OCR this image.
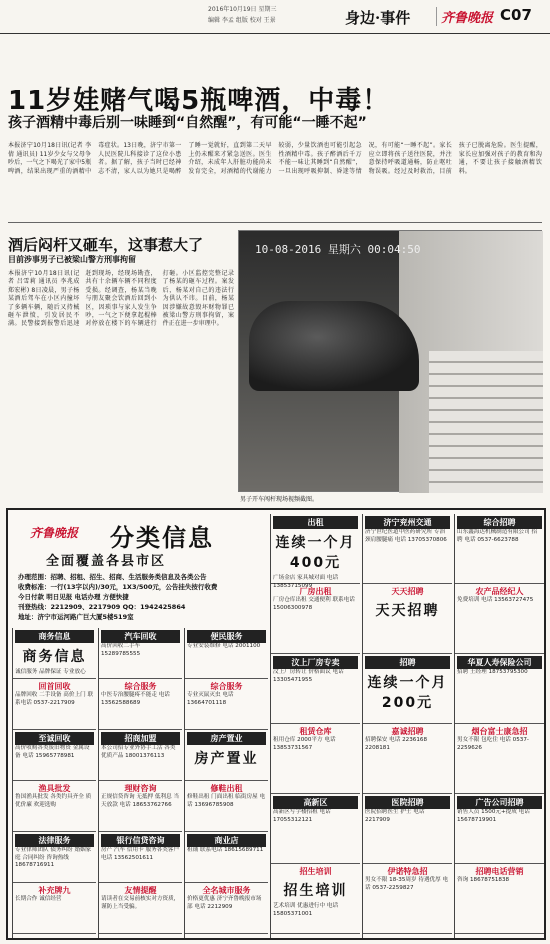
2016年10月19日 星期三
编辑 李孟 组版 校对 王景	身边·事件	齐鲁晚报 C07
11岁娃赌气喝5瓶啤酒，中毒！
孩子酒精中毒后别一味睡到“自然醒”，有可能“一睡不起”
本报济宁10月18日讯(记者 李倩 通讯员) 11岁少女与父母争吵后，一气之下喝光了家中5瓶啤酒，结果出现严重的酒精中毒症状。13日晚，济宁市第一人民医院儿科接诊了这位小患者。据了解，孩子当时已经神志不清，家人以为她只是喝醉了睡一觉就好，直到第二天早上仍未醒来才紧急送医。医生介绍，未成年人肝脏功能尚未发育完全，对酒精的代谢能力较弱，少量饮酒也可能引起急性酒精中毒。孩子醉酒后千万不能一味让其睡到“自然醒”，一旦出现呼吸抑制、昏迷等情况，有可能“一睡不起”。家长应立即将孩子送往医院，并注意保持呼吸道通畅，防止呕吐物误吸。经过及时救治，目前孩子已脱离危险。医生提醒，家长应加强对孩子的教育和沟通，不要让孩子接触酒精饮料。
酒后闷杆又砸车，这事惹大了
目前涉事男子已被梁山警方刑事拘留
本报济宁10月18日讯(记者 吕雪莉 通讯员 李兆成 郑宏彬) 8日凌晨，男子杨某酒后驾车在小区内撞坏了多辆车辆，随后又持械砸车泄愤，引发居民不满。民警接到报警后迅速赶到现场，经现场勘查，共有十余辆车辆不同程度受损。经调查，杨某当晚与朋友聚会饮酒后回到小区，因琐事与家人发生争吵，一气之下便拿起棍棒对停放在楼下的车辆进行打砸。小区监控完整记录了杨某的砸车过程。案发后，杨某对自己的违法行为供认不讳。目前，杨某因涉嫌故意毁坏财物罪已被梁山警方刑事拘留，案件正在进一步审理中。
10-08-2016 星期六 00:04:50
男子开车闯杆现场视频截图。
齐鲁晚报 分类信息
全面覆盖各县市区
办理范围：招聘、招租、招生、招商、生活服务类信息及各类公告
收费标准：一行(13字以内)/30元，1X3/500元，公告挂失按行收费
今日付款 明日见报 电话办理 方便快捷
刊登热线：2212909、2217909 QQ：1942425864
地址：济宁市运河路广巨大厦5楼519室
商务信息
商务信息
诚信服务 品牌保证 专业放心
回首回收
品牌回收 二手设备 高价上门 联系电话 0537-2217909
至诚回收
高价收购各类废旧物资 金属设备 电话 15965778981
渔具批发
鲁国渔具批发 各类钓具齐全 质优价廉 欢迎选购
法律服务
专业律师团队 债务纠纷 婚姻家庭 合同纠纷 咨询热线 18678716911
补充牌九
长期合作 诚信经营
汽车回收
高价回收二手车 15289785555
综合服务
中医专治腰腿疼不能走 电话 13562588689
招商加盟
本公司招专业外协手工活 各类优质产品 18001376113
理财咨询
正规信贷咨询 无抵押 低利息 当天放款 电话 18653762766
银行信贷咨询
房产 汽车 信用卡 服务各类客户 电话 13562501611
友情提醒
请读者在交易前核实对方资质，谨防上当受骗。
便民服务
专业安装维修 电话 2001100
综合服务
专业灭鼠灭虫 电话 13664701118
房产置业
房产置业
修鞋出租
修鞋出租 门面出租 临街房屋 电话 13696785908
商业店
租铺 联系电话 18615689711
全名城市服务
价格更优惠 济宁齐鲁晚报市场部 电话 2212909
出租
连续一个月 400元
广场金店 家具城对面 电话 13853715099
厂房出租
厂房仓库出租 交通便利 联系电话 15006300978
汶上厂房专卖
汶上厂房转让 价格面议 电话 13305471955
租赁仓库
租用仓库 2000平方 电话 13853731567
高新区
高新区写字楼招租 电话 17055312121
招生培训
招生培训
艺术培训 优惠进行中 电话 15805371001
济宁兖州交通
济宁世纪医道中医药研究所 专治颈肩腰腿痛 电话 13705370806
天天招聘
天天招聘
招聘
连续一个月 200元
嘉诚招聘
招聘保安 电话 2236168 2208181
医院招聘
医院招聘医生 护士 电话 2217909
伊诺特急招
男女不限 18-35周岁 待遇优厚 电话 0537-2259827
综合招聘
山东鑫海达机械制造有限公司 招聘 电话 0537-6623788
农产品经纪人
免费培训 电话 13563727475
华夏人寿保险公司
招聘 王经理 18753795300
烟台富士康急招
男女不限 包吃住 电话 0537-2259626
广告公司招聘
销售人员 1500元+提成 电话 15678719901
招聘电话营销
咨询 18678751838
